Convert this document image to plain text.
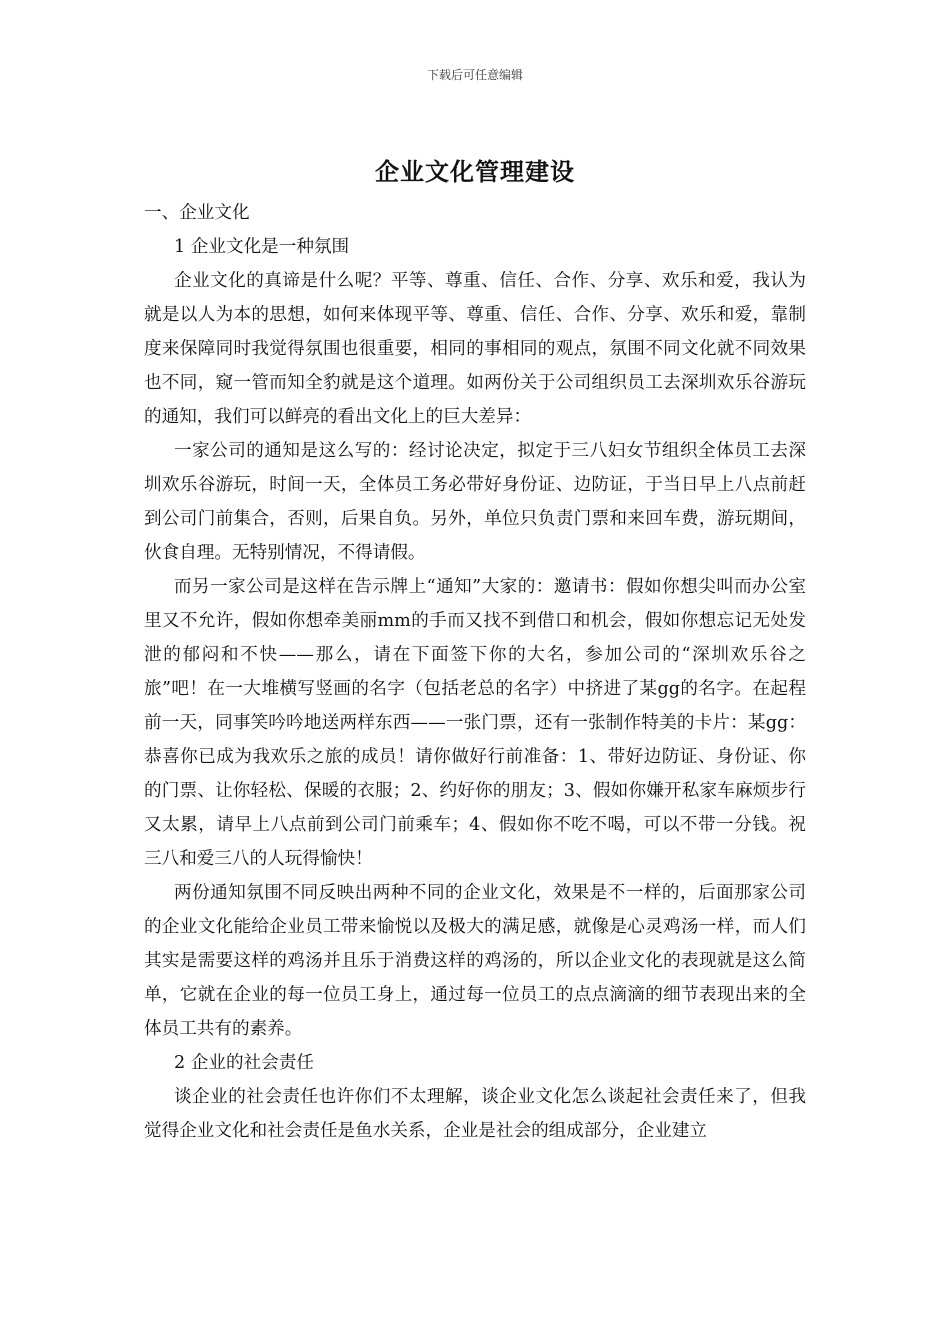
下载后可任意编辑
企业文化管理建设

一、企业文化

1 企业文化是一种氛围

企业文化的真谛是什么呢？平等、尊重、信任、合作、分享、欢乐和爱，我认为就是以人为本的思想，如何来体现平等、尊重、信任、合作、分享、欢乐和爱，靠制度来保障同时我觉得氛围也很重要，相同的事相同的观点，氛围不同文化就不同效果也不同，窥一管而知全豹就是这个道理。如两份关于公司组织员工去深圳欢乐谷游玩的通知，我们可以鲜亮的看出文化上的巨大差异：

一家公司的通知是这么写的：经讨论决定，拟定于三八妇女节组织全体员工去深圳欢乐谷游玩，时间一天，全体员工务必带好身份证、边防证，于当日早上八点前赶到公司门前集合，否则，后果自负。另外，单位只负责门票和来回车费，游玩期间，伙食自理。无特别情况，不得请假。

而另一家公司是这样在告示牌上“通知”大家的：邀请书：假如你想尖叫而办公室里又不允许，假如你想牵美丽mm的手而又找不到借口和机会，假如你想忘记无处发泄的郁闷和不快——那么，请在下面签下你的大名，参加公司的“深圳欢乐谷之旅”吧！在一大堆横写竖画的名字（包括老总的名字）中挤进了某gg的名字。在起程前一天，同事笑吟吟地送两样东西——一张门票，还有一张制作特美的卡片：某gg：恭喜你已成为我欢乐之旅的成员！请你做好行前准备：1、带好边防证、身份证、你的门票、让你轻松、保暖的衣服；2、约好你的朋友；3、假如你嫌开私家车麻烦步行又太累，请早上八点前到公司门前乘车；4、假如你不吃不喝，可以不带一分钱。祝三八和爱三八的人玩得愉快！

两份通知氛围不同反映出两种不同的企业文化，效果是不一样的，后面那家公司的企业文化能给企业员工带来愉悦以及极大的满足感，就像是心灵鸡汤一样，而人们其实是需要这样的鸡汤并且乐于消费这样的鸡汤的，所以企业文化的表现就是这么简单，它就在企业的每一位员工身上，通过每一位员工的点点滴滴的细节表现出来的全体员工共有的素养。

2 企业的社会责任

谈企业的社会责任也许你们不太理解，谈企业文化怎么谈起社会责任来了，但我觉得企业文化和社会责任是鱼水关系，企业是社会的组成部分，企业建立
